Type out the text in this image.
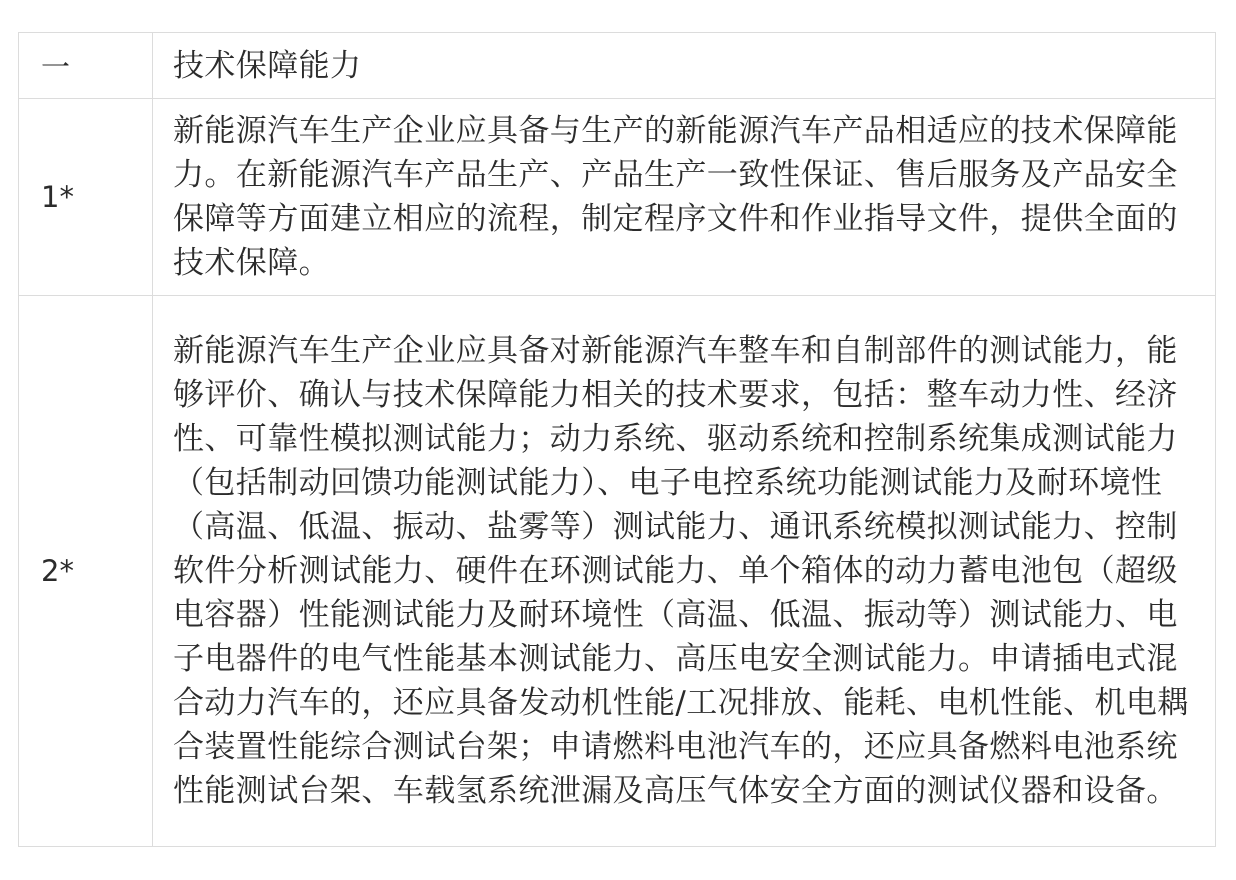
一	技术保障能力
1*	新能源汽车生产企业应具备与生产的新能源汽车产品相适应的技术保障能力。在新能源汽车产品生产、产品生产一致性保证、售后服务及产品安全保障等方面建立相应的流程，制定程序文件和作业指导文件，提供全面的技术保障。
2*	新能源汽车生产企业应具备对新能源汽车整车和自制部件的测试能力，能够评价、确认与技术保障能力相关的技术要求，包括：整车动力性、经济性、可靠性模拟测试能力；动力系统、驱动系统和控制系统集成测试能力（包括制动回馈功能测试能力）、电子电控系统功能测试能力及耐环境性（高温、低温、振动、盐雾等）测试能力、通讯系统模拟测试能力、控制软件分析测试能力、硬件在环测试能力、单个箱体的动力蓄电池包（超级电容器）性能测试能力及耐环境性（高温、低温、振动等）测试能力、电子电器件的电气性能基本测试能力、高压电安全测试能力。申请插电式混合动力汽车的，还应具备发动机性能/工况排放、能耗、电机性能、机电耦合装置性能综合测试台架；申请燃料电池汽车的，还应具备燃料电池系统性能测试台架、车载氢系统泄漏及高压气体安全方面的测试仪器和设备。
